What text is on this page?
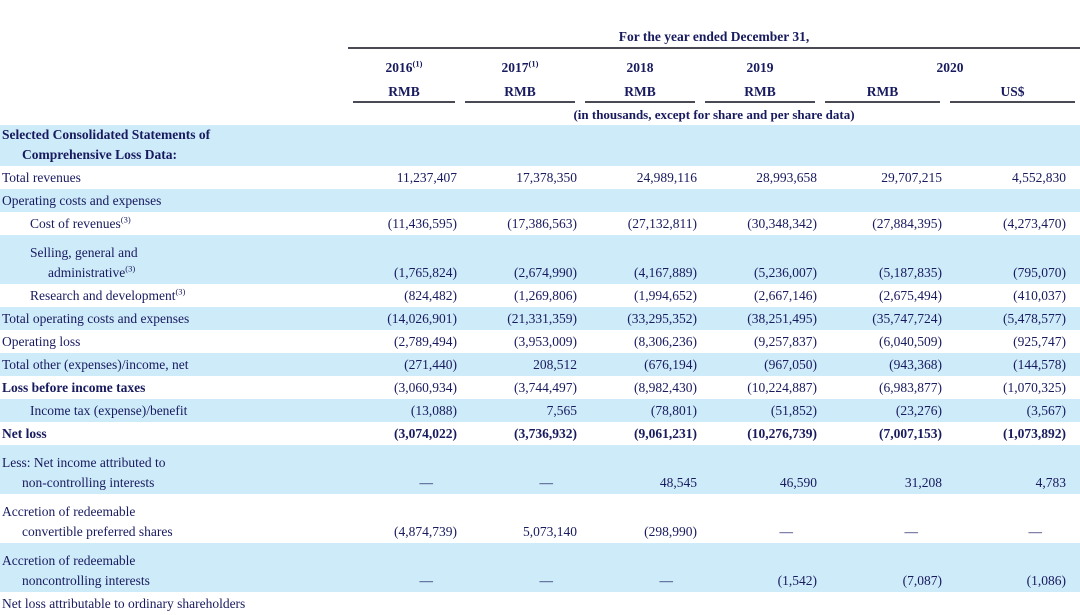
	For the year ended December 31,					
	2016$^{(1)}$	2017$^{(1)}$	2018	2019	2020	

	RMB	RMB	RMB	RMB	RMB	US$

	(in thousands, except for share and per share data)					

Selected Consolidated Statements of
Comprehensive Loss Data:						

Total revenues	11,237,407	17,378,350	24,989,116	28,993,658	29,707,215	4,552,830

Operating costs and expenses						

Cost of revenues$^{(3)}$	(11,436,595)	(17,386,563)	(27,132,811)	(30,348,342)	(27,884,395)	(4,273,470)

Selling, general and
administrative$^{(3)}$	(1,765,824)	(2,674,990)	(4,167,889)	(5,236,007)	(5,187,835)	(795,070)

Research and development$^{(3)}$	(824,482)	(1,269,806)	(1,994,652)	(2,667,146)	(2,675,494)	(410,037)

Total operating costs and expenses	(14,026,901)	(21,331,359)	(33,295,352)	(38,251,495)	(35,747,724)	(5,478,577)

Operating loss	(2,789,494)	(3,953,009)	(8,306,236)	(9,257,837)	(6,040,509)	(925,747)

Total other (expenses)/income, net	(271,440)	208,512	(676,194)	(967,050)	(943,368)	(144,578)

Loss before income taxes	(3,060,934)	(3,744,497)	(8,982,430)	(10,224,887)	(6,983,877)	(1,070,325)

Income tax (expense)/benefit	(13,088)	7,565	(78,801)	(51,852)	(23,276)	(3,567)

Net loss	(3,074,022)	(3,736,932)	(9,061,231)	(10,276,739)	(7,007,153)	(1,073,892)

Less: Net income attributed to
non-controlling interests	—	—	48,545	46,590	31,208	4,783

Accretion of redeemable
convertible preferred shares	(4,874,739)	5,073,140	(298,990)	—	—	—

Accretion of redeemable
noncontrolling interests	—	—	—	(1,542)	(7,087)	(1,086)

Net loss attributable to ordinary shareholders						
